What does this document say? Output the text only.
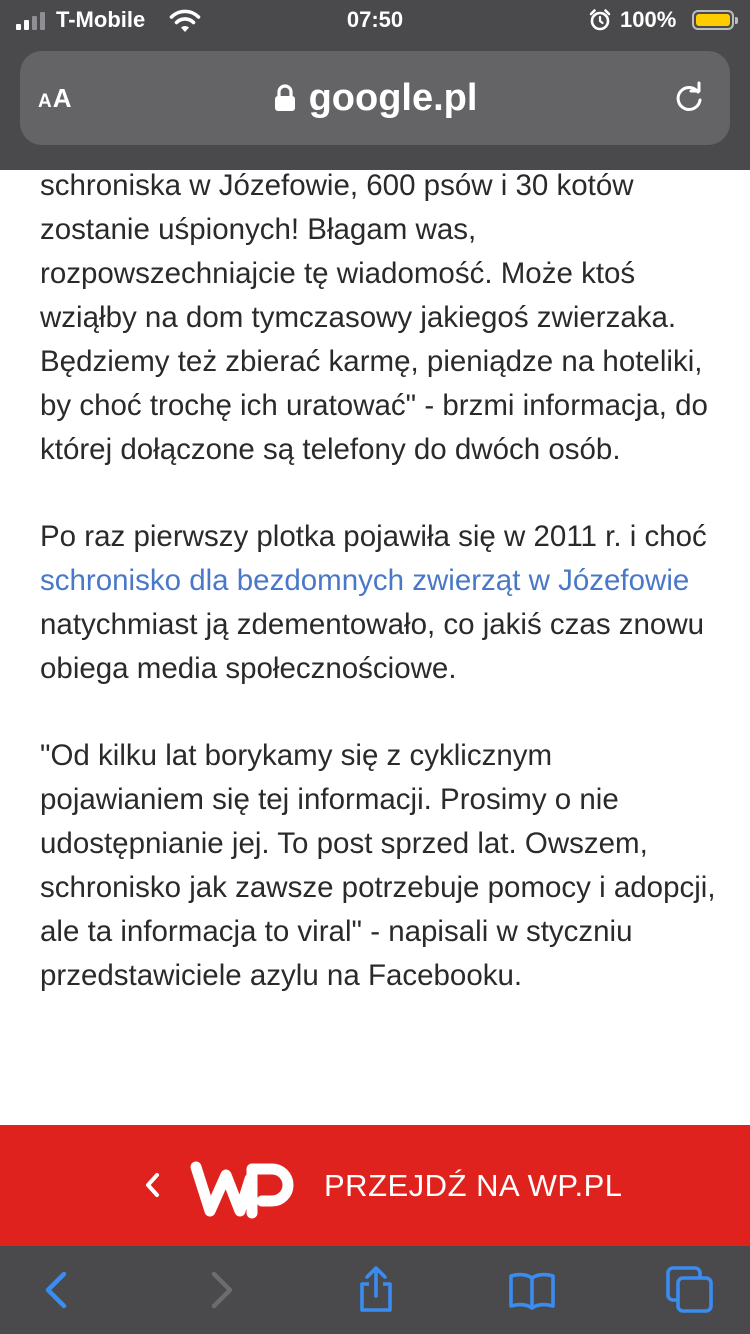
T-Mobile	07:50	100%
AA	google.pl

schroniska w Józefowie, 600 psów i 30 kotów zostanie uśpionych! Błagam was, rozpowszechniajcie tę wiadomość. Może ktoś wziąłby na dom tymczasowy jakiegoś zwierzaka. Będziemy też zbierać karmę, pieniądze na hoteliki, by choć trochę ich uratować" - brzmi informacja, do której dołączone są telefony do dwóch osób.

Po raz pierwszy plotka pojawiła się w 2011 r. i choć schronisko dla bezdomnych zwierząt w Józefowie natychmiast ją zdementowało, co jakiś czas znowu obiega media społecznościowe.

"Od kilku lat borykamy się z cyklicznym pojawianiem się tej informacji. Prosimy o nie udostępnianie jej. To post sprzed lat. Owszem, schronisko jak zawsze potrzebuje pomocy i adopcji, ale ta informacja to viral" - napisali w styczniu przedstawiciele azylu na Facebooku.

PRZEJDŹ NA WP.PL
